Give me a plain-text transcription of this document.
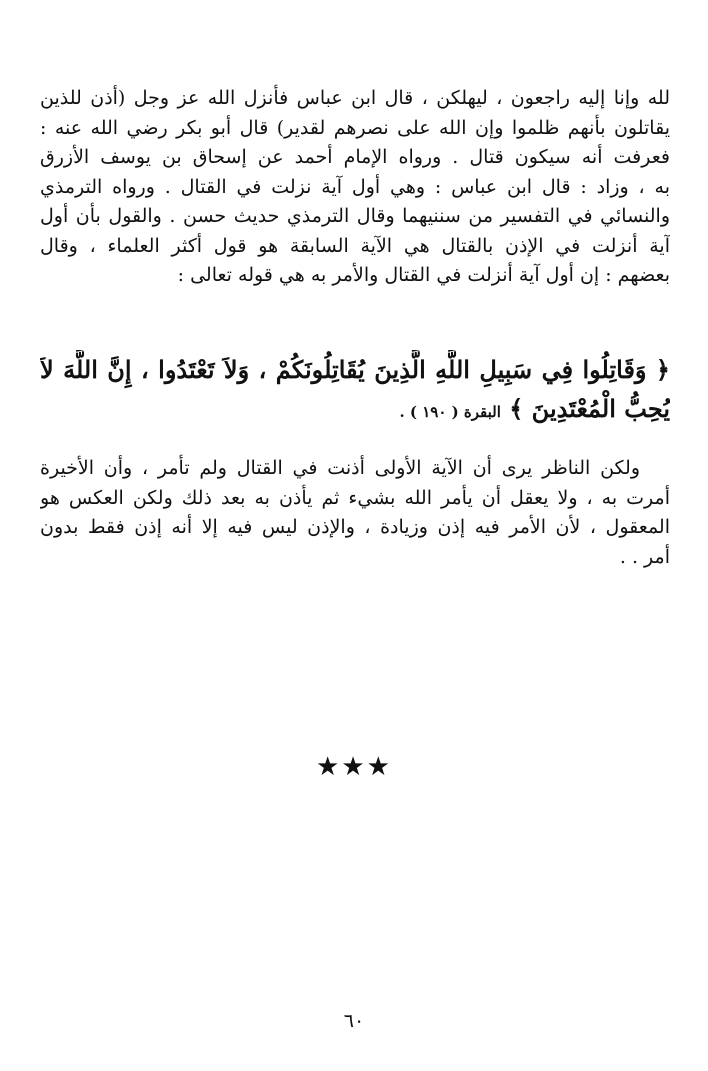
لله وإنا إليه راجعون ، ليهلكن ، قال ابن عباس فأنزل الله عز وجل (أذن للذين
يقاتلون بأنهم ظلموا وإن الله على نصرهم لقدير) قال أبو بكر رضي الله عنه :
فعرفت أنه سيكون قتال . ورواه الإمام أحمد عن إسحاق بن يوسف الأزرق
به ، وزاد : قال ابن عباس : وهي أول آية نزلت في القتال . ورواه الترمذي
والنسائي في التفسير من سننيهما وقال الترمذي حديث حسن . والقول بأن أول
آية أنزلت في الإذن بالقتال هي الآية السابقة هو قول أكثر العلماء ، وقال
بعضهم : إن أول آية أنزلت في القتال والأمر به هي قوله تعالى :
﴿ وَقَاتِلُوا فِي سَبِيلِ اللَّهِ الَّذِينَ يُقَاتِلُونَكُمْ ، وَلاَ تَعْتَدُوا ، إِنَّ اللَّهَ لاَ
يُحِبُّ الْمُعْتَدِينَ ﴾ البقرة ( ١٩٠ ) .
ولكن الناظر يرى أن الآية الأولى أذنت في القتال ولم تأمر ، وأن الأخيرة
أمرت به ، ولا يعقل أن يأمر الله بشيء ثم يأذن به بعد ذلك ولكن العكس هو
المعقول ، لأن الأمر فيه إذن وزيادة ، والإذن ليس فيه إلا أنه إذن فقط بدون
أمر . .
★★★
٦٠
